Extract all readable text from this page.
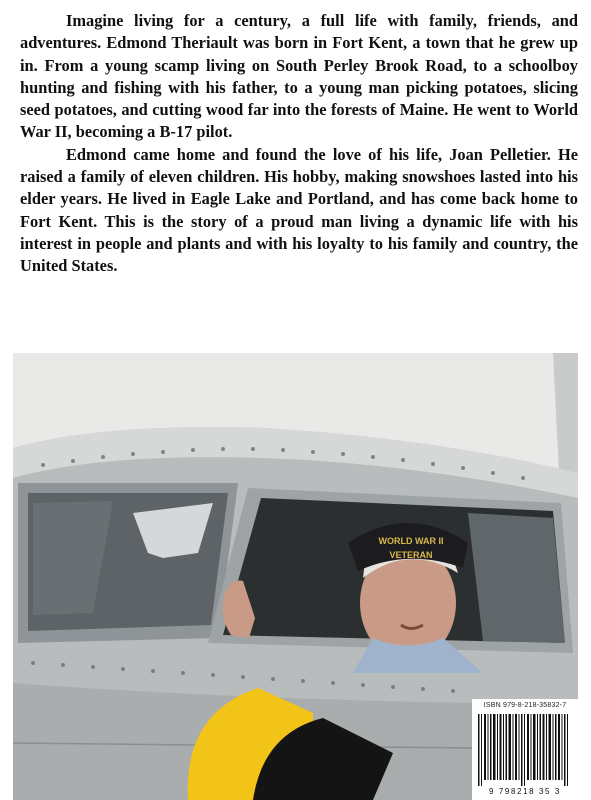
Imagine living for a century, a full life with family, friends, and adventures. Edmond Theriault was born in Fort Kent, a town that he grew up in. From a young scamp living on South Perley Brook Road, to a schoolboy hunting and fishing with his father, to a young man picking potatoes, slicing seed potatoes, and cutting wood far into the forests of Maine. He went to World War II, becoming a B-17 pilot.

Edmond came home and found the love of his life, Joan Pelletier. He raised a family of eleven children. His hobby, making snowshoes lasted into his elder years. He lived in Eagle Lake and Portland, and has come back home to Fort Kent. This is the story of a proud man living a dynamic life with his interest in people and plants and with his loyalty to his family and country, the United States.

WORLD WAR II
VETERAN
ISBN 979-8-218-35832-7
9 798218 35 3
